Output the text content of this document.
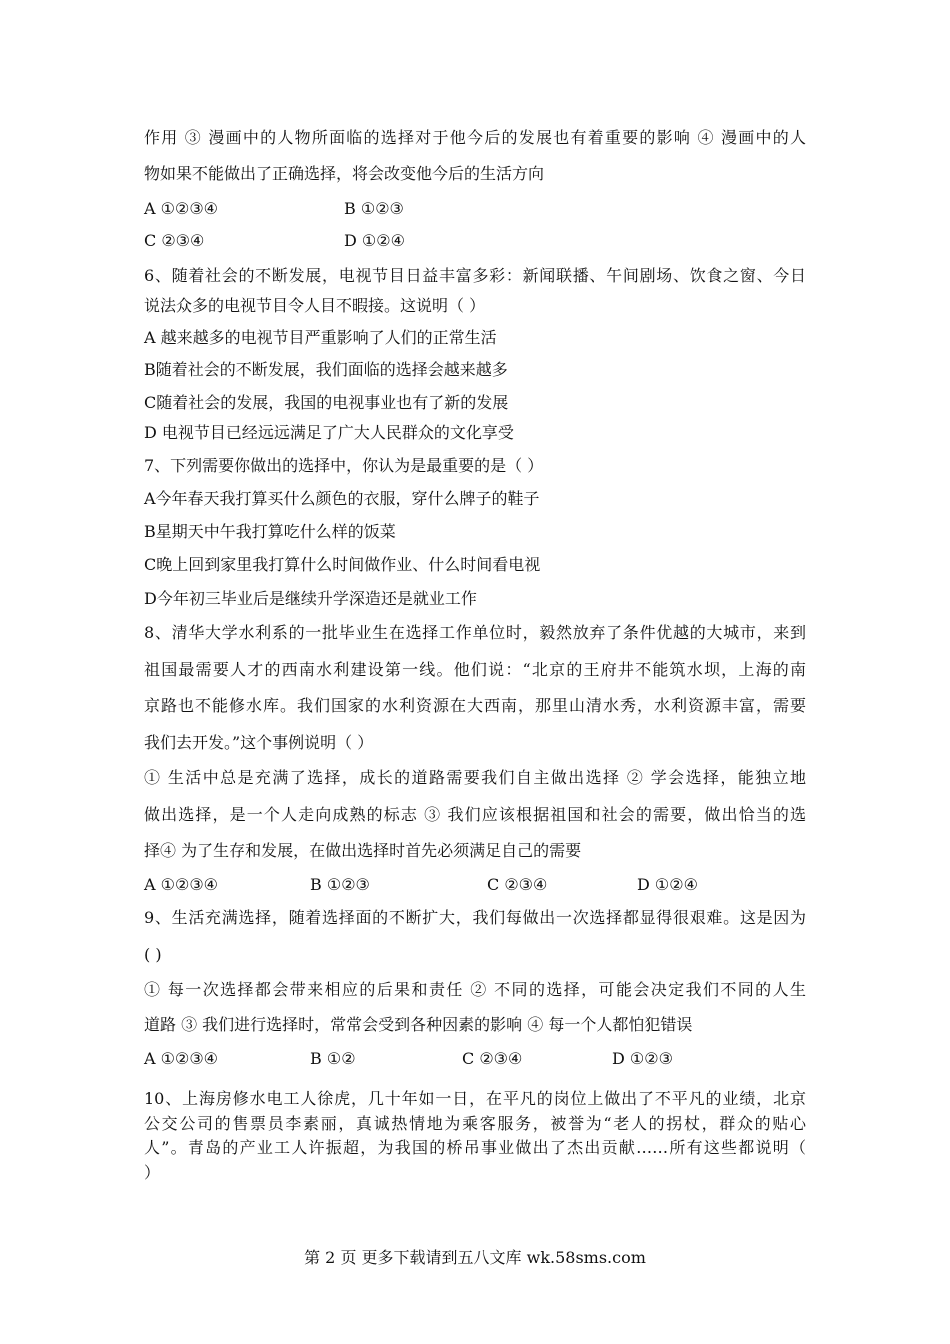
作用 ③ 漫画中的人物所面临的选择对于他今后的发展也有着重要的影响 ④ 漫画中的人
物如果不能做出了正确选择，将会改变他今后的生活方向
A ①②③④	B ①②③
C ②③④	D ①②④
6、随着社会的不断发展，电视节目日益丰富多彩：新闻联播、午间剧场、饮食之窗、今日
说法众多的电视节目令人目不暇接。这说明（ ）
A 越来越多的电视节目严重影响了人们的正常生活
B随着社会的不断发展，我们面临的选择会越来越多
C随着社会的发展，我国的电视事业也有了新的发展
D 电视节目已经远远满足了广大人民群众的文化享受
7、下列需要你做出的选择中，你认为是最重要的是（ ）
A今年春天我打算买什么颜色的衣服，穿什么牌子的鞋子
B星期天中午我打算吃什么样的饭菜
C晚上回到家里我打算什么时间做作业、什么时间看电视
D今年初三毕业后是继续升学深造还是就业工作
8、清华大学水利系的一批毕业生在选择工作单位时，毅然放弃了条件优越的大城市，来到
祖国最需要人才的西南水利建设第一线。他们说：“北京的王府井不能筑水坝，上海的南
京路也不能修水库。我们国家的水利资源在大西南，那里山清水秀，水利资源丰富，需要
我们去开发。”这个事例说明（ ）
① 生活中总是充满了选择，成长的道路需要我们自主做出选择 ② 学会选择，能独立地
做出选择，是一个人走向成熟的标志 ③ 我们应该根据祖国和社会的需要，做出恰当的选
择④ 为了生存和发展，在做出选择时首先必须满足自己的需要
A ①②③④	B ①②③	C ②③④	D ①②④
9、生活充满选择，随着选择面的不断扩大，我们每做出一次选择都显得很艰难。这是因为
( )
① 每一次选择都会带来相应的后果和责任 ② 不同的选择，可能会决定我们不同的人生
道路 ③ 我们进行选择时，常常会受到各种因素的影响 ④ 每一个人都怕犯错误
A ①②③④	B ①②	C ②③④	D ①②③
10、上海房修水电工人徐虎，几十年如一日，在平凡的岗位上做出了不平凡的业绩，北京
公交公司的售票员李素丽，真诚热情地为乘客服务，被誉为“老人的拐杖，群众的贴心
人”。青岛的产业工人许振超，为我国的桥吊事业做出了杰出贡献……所有这些都说明（
）
第 2 页 更多下载请到五八文库 wk.58sms.com
